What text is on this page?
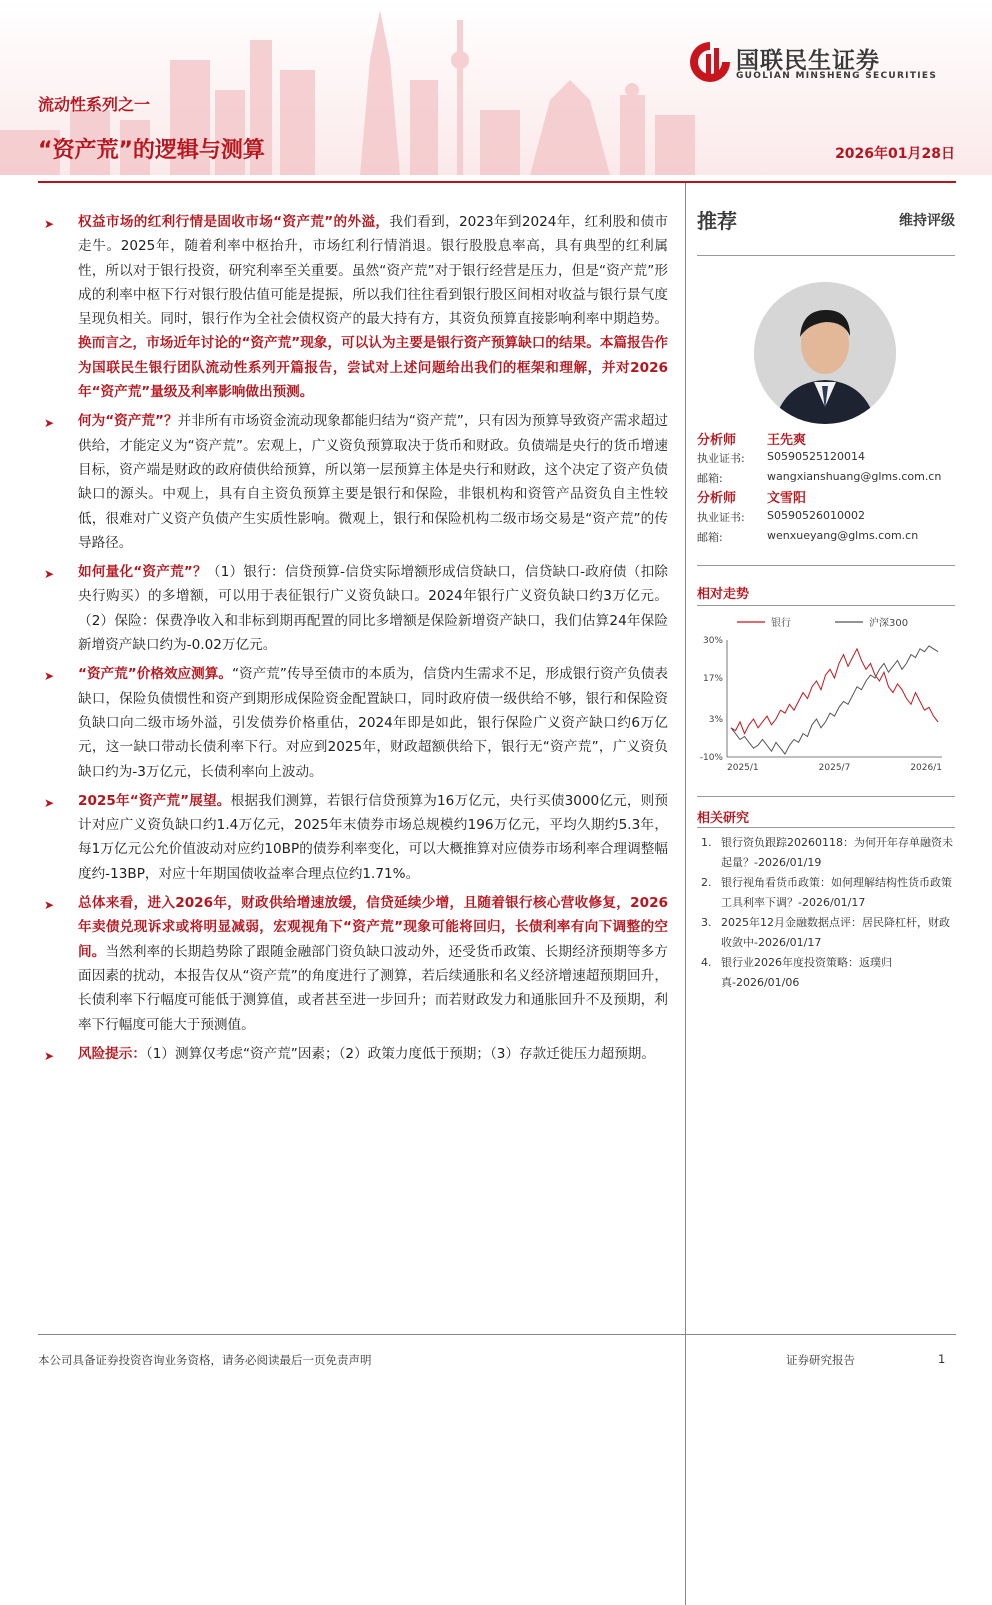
国联民生证券
GUOLIAN MINSHENG SECURITIES
流动性系列之一
“资产荒”的逻辑与测算	2026年01月28日
➤ 权益市场的红利行情是固收市场“资产荒”的外溢，我们看到，2023年到2024年，红利股和债市走牛。2025年，随着利率中枢抬升，市场红利行情消退。银行股股息率高，具有典型的红利属性，所以对于银行投资，研究利率至关重要。虽然“资产荒”对于银行经营是压力，但是“资产荒”形成的利率中枢下行对银行股估值可能是提振，所以我们往往看到银行股区间相对收益与银行景气度呈现负相关。同时，银行作为全社会债权资产的最大持有方，其资负预算直接影响利率中期趋势。换而言之，市场近年讨论的“资产荒”现象，可以认为主要是银行资产预算缺口的结果。本篇报告作为国联民生银行团队流动性系列开篇报告，尝试对上述问题给出我们的框架和理解，并对2026年“资产荒”量级及利率影响做出预测。
➤ 何为“资产荒”？并非所有市场资金流动现象都能归结为“资产荒”，只有因为预算导致资产需求超过供给，才能定义为“资产荒”。宏观上，广义资负预算取决于货币和财政。负债端是央行的货币增速目标，资产端是财政的政府债供给预算，所以第一层预算主体是央行和财政，这个决定了资产负债缺口的源头。中观上，具有自主资负预算主要是银行和保险，非银机构和资管产品资负自主性较低，很难对广义资产负债产生实质性影响。微观上，银行和保险机构二级市场交易是“资产荒”的传导路径。
➤ 如何量化“资产荒”？（1）银行：信贷预算-信贷实际增额形成信贷缺口，信贷缺口-政府债（扣除央行购买）的多增额，可以用于表征银行广义资负缺口。2024年银行广义资负缺口约3万亿元。（2）保险：保费净收入和非标到期再配置的同比多增额是保险新增资产缺口，我们估算24年保险新增资产缺口约为-0.02万亿元。
➤ “资产荒”价格效应测算。“资产荒”传导至债市的本质为，信贷内生需求不足，形成银行资产负债表缺口，保险负债惯性和资产到期形成保险资金配置缺口，同时政府债一级供给不够，银行和保险资负缺口向二级市场外溢，引发债券价格重估，2024年即是如此，银行保险广义资产缺口约6万亿元，这一缺口带动长债利率下行。对应到2025年，财政超额供给下，银行无“资产荒”，广义资负缺口约为-3万亿元，长债利率向上波动。
➤ 2025年“资产荒”展望。根据我们测算，若银行信贷预算为16万亿元，央行买债3000亿元，则预计对应广义资负缺口约1.4万亿元，2025年末债券市场总规模约196万亿元，平均久期约5.3年，每1万亿元公允价值波动对应约10BP的债券利率变化，可以大概推算对应债券市场利率合理调整幅度约-13BP，对应十年期国债收益率合理点位约1.71%。
➤ 总体来看，进入2026年，财政供给增速放缓，信贷延续少增，且随着银行核心营收修复，2026年卖债兑现诉求或将明显减弱，宏观视角下“资产荒”现象可能将回归，长债利率有向下调整的空间。当然利率的长期趋势除了跟随金融部门资负缺口波动外，还受货币政策、长期经济预期等多方面因素的扰动，本报告仅从“资产荒”的角度进行了测算，若后续通胀和名义经济增速超预期回升，长债利率下行幅度可能低于测算值，或者甚至进一步回升；而若财政发力和通胀回升不及预期，利率下行幅度可能大于预测值。
➤ 风险提示：（1）测算仅考虑“资产荒”因素；（2）政策力度低于预期；（3）存款迁徙压力超预期。
推荐	维持评级
分析师 王先爽
执业证书: S0590525120014
邮箱:	wangxianshuang@glms.com.cn
分析师 文雪阳
执业证书: S0590526010002
邮箱:	wenxueyang@glms.com.cn
相对走势
银行	沪深300
30%
17%
3%
-10%
2025/1	2025/7	2026/1
相关研究
1. 银行资负跟踪20260118：为何开年存单融资未起量？-2026/01/19
2. 银行视角看货币政策：如何理解结构性货币政策工具利率下调？-2026/01/17
3. 2025年12月金融数据点评：居民降杠杆，财政收敛中-2026/01/17
4. 银行业2026年度投资策略：返璞归真-2026/01/06
本公司具备证券投资咨询业务资格，请务必阅读最后一页免责声明	证券研究报告	1
